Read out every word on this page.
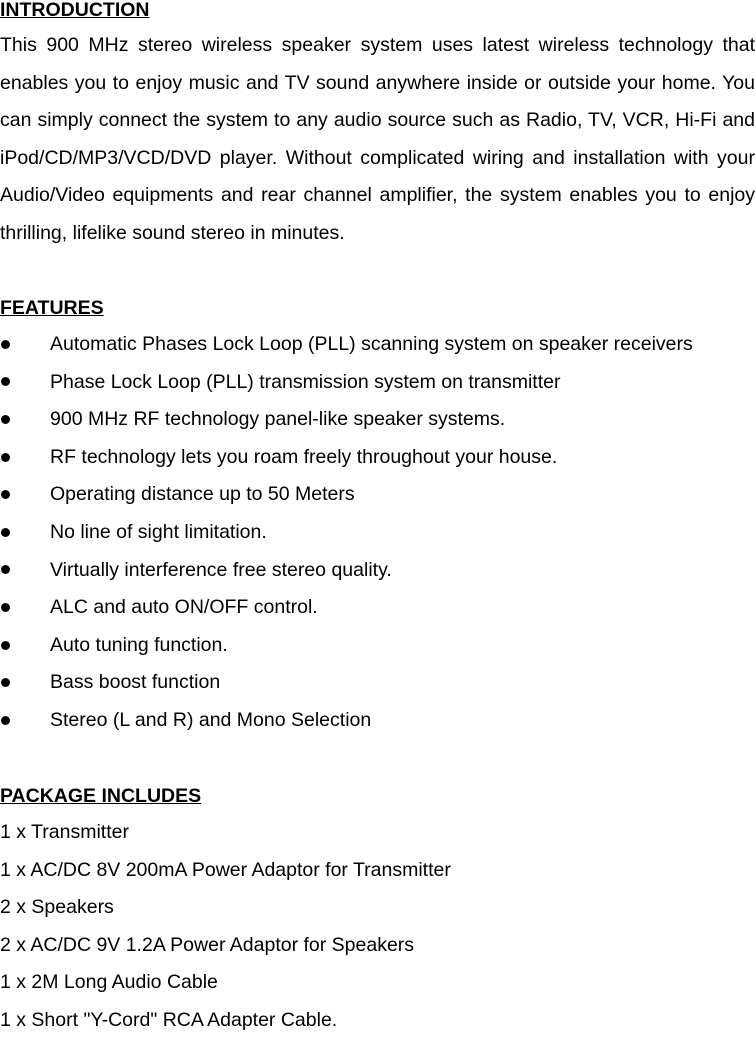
INTRODUCTION

This 900 MHz stereo wireless speaker system uses latest wireless technology that enables you to enjoy music and TV sound anywhere inside or outside your home. You can simply connect the system to any audio source such as Radio, TV, VCR, Hi-Fi and iPod/CD/MP3/VCD/DVD player. Without complicated wiring and installation with your Audio/Video equipments and rear channel amplifier, the system enables you to enjoy thrilling, lifelike sound stereo in minutes.

FEATURES
Automatic Phases Lock Loop (PLL) scanning system on speaker receivers
Phase Lock Loop (PLL) transmission system on transmitter
900 MHz RF technology panel-like speaker systems.
RF technology lets you roam freely throughout your house.
Operating distance up to 50 Meters
No line of sight limitation.
Virtually interference free stereo quality.
ALC and auto ON/OFF control.
Auto tuning function.
Bass boost function
Stereo (L and R) and Mono Selection
PACKAGE INCLUDES
1 x Transmitter
1 x AC/DC 8V 200mA Power Adaptor for Transmitter
2 x Speakers
2 x AC/DC 9V 1.2A Power Adaptor for Speakers
1 x 2M Long Audio Cable
1 x Short "Y-Cord" RCA Adapter Cable.
